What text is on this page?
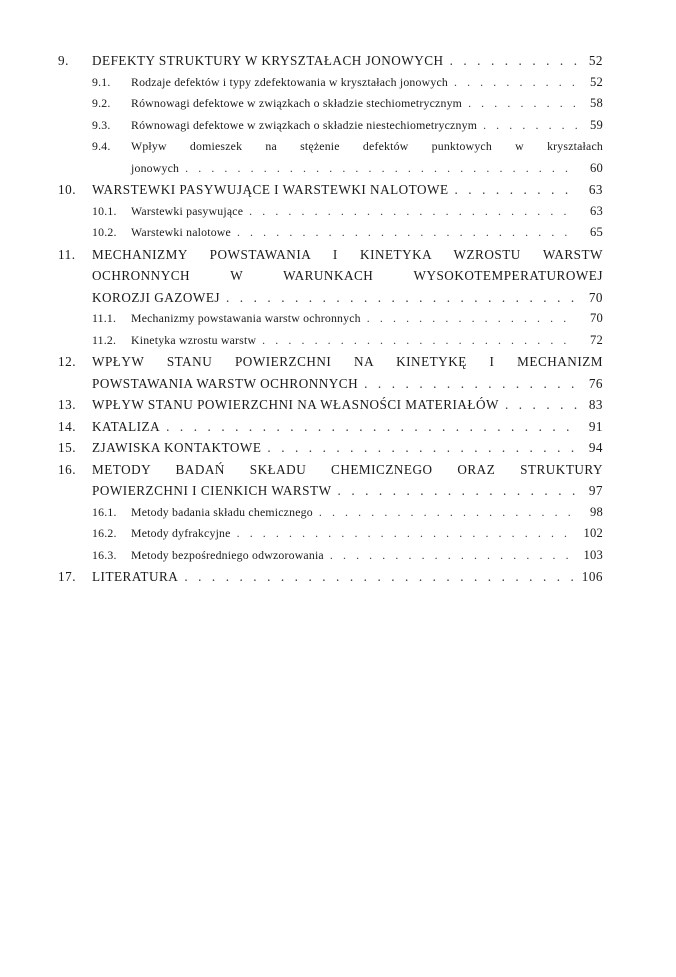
9.	DEFEKTY STRUKTURY W KRYSZTAŁACH JONOWYCH . . .	52
9.1.	Rodzaje defektów i typy zdefektowania w kryształach jonowych . . .	52
9.2.	Równowagi defektowe w związkach o składzie stechiometrycznym . . .	58
9.3.	Równowagi defektowe w związkach o składzie niestechiometrycznym . . .	59
9.4.	Wpływ domieszek na stężenie defektów punktowych w kryształach
jonowych . . .	60
10.	WARSTEWKI PASYWUJĄCE I WARSTEWKI NALOTOWE . . .	63
10.1.	Warstewki pasywujące . . .	63
10.2.	Warstewki nalotowe . . .	65
11.	MECHANIZMY POWSTAWANIA I KINETYKA WZROSTU WARSTW
OCHRONNYCH W WARUNKACH WYSOKOTEMPERATUROWEJ
KOROZJI GAZOWEJ . . .	70
11.1.	Mechanizmy powstawania warstw ochronnych . . .	70
11.2.	Kinetyka wzrostu warstw . . .	72
12.	WPŁYW STANU POWIERZCHNI NA KINETYKĘ I MECHANIZM
POWSTAWANIA WARSTW OCHRONNYCH . . .	76
13.	WPŁYW STANU POWIERZCHNI NA WŁASNOŚCI MATERIAŁÓW . . .	83
14.	KATALIZA . . .	91
15.	ZJAWISKA KONTAKTOWE . . .	94
16.	METODY BADAŃ SKŁADU CHEMICZNEGO ORAZ STRUKTURY
POWIERZCHNI I CIENKICH WARSTW . . .	97
16.1.	Metody badania składu chemicznego . . .	98
16.2.	Metody dyfrakcyjne . . .	102
16.3.	Metody bezpośredniego odwzorowania . . .	103
17.	LITERATURA . . .	106
